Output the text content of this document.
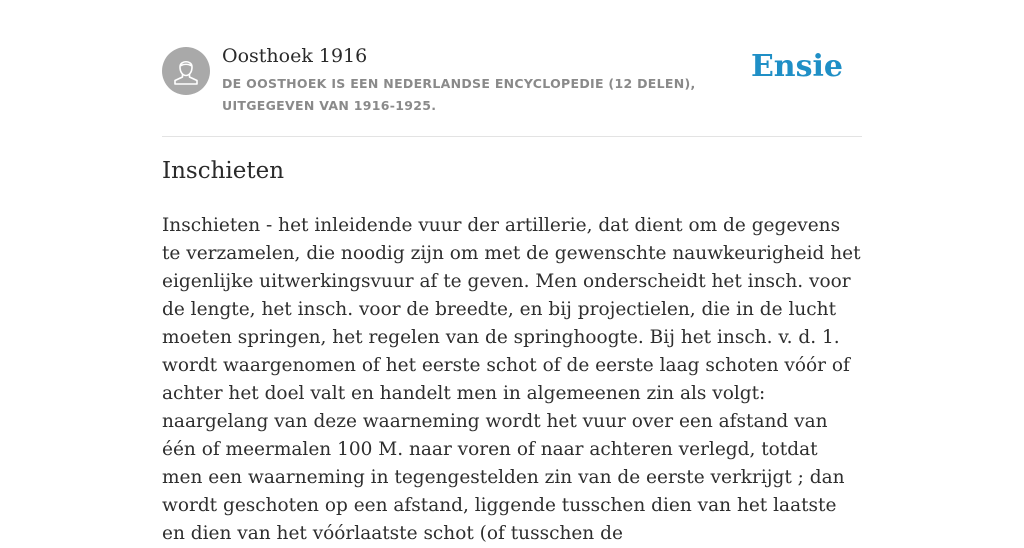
Oosthoek 1916
DE OOSTHOEK IS EEN NEDERLANDSE ENCYCLOPEDIE (12 DELEN), UITGEGEVEN VAN 1916-1925.
Ensie
Inschieten

Inschieten - het inleidende vuur der artillerie, dat dient om de gegevens te verzamelen, die noodig zijn om met de gewenschte nauwkeurigheid het eigenlijke uitwerkingsvuur af te geven. Men onderscheidt het insch. voor de lengte, het insch. voor de breedte, en bij projectielen, die in de lucht moeten springen, het regelen van de springhoogte. Bij het insch. v. d. 1. wordt waargenomen of het eerste schot of de eerste laag schoten vóór of achter het doel valt en handelt men in algemeenen zin als volgt: naargelang van deze waarneming wordt het vuur over een afstand van één of meermalen 100 M. naar voren of naar achteren verlegd, totdat men een waarneming in tegengestelden zin van de eerste verkrijgt ; dan wordt geschoten op een afstand, liggende tusschen dien van het laatste en dien van het vóórlaatste schot (of tusschen de
